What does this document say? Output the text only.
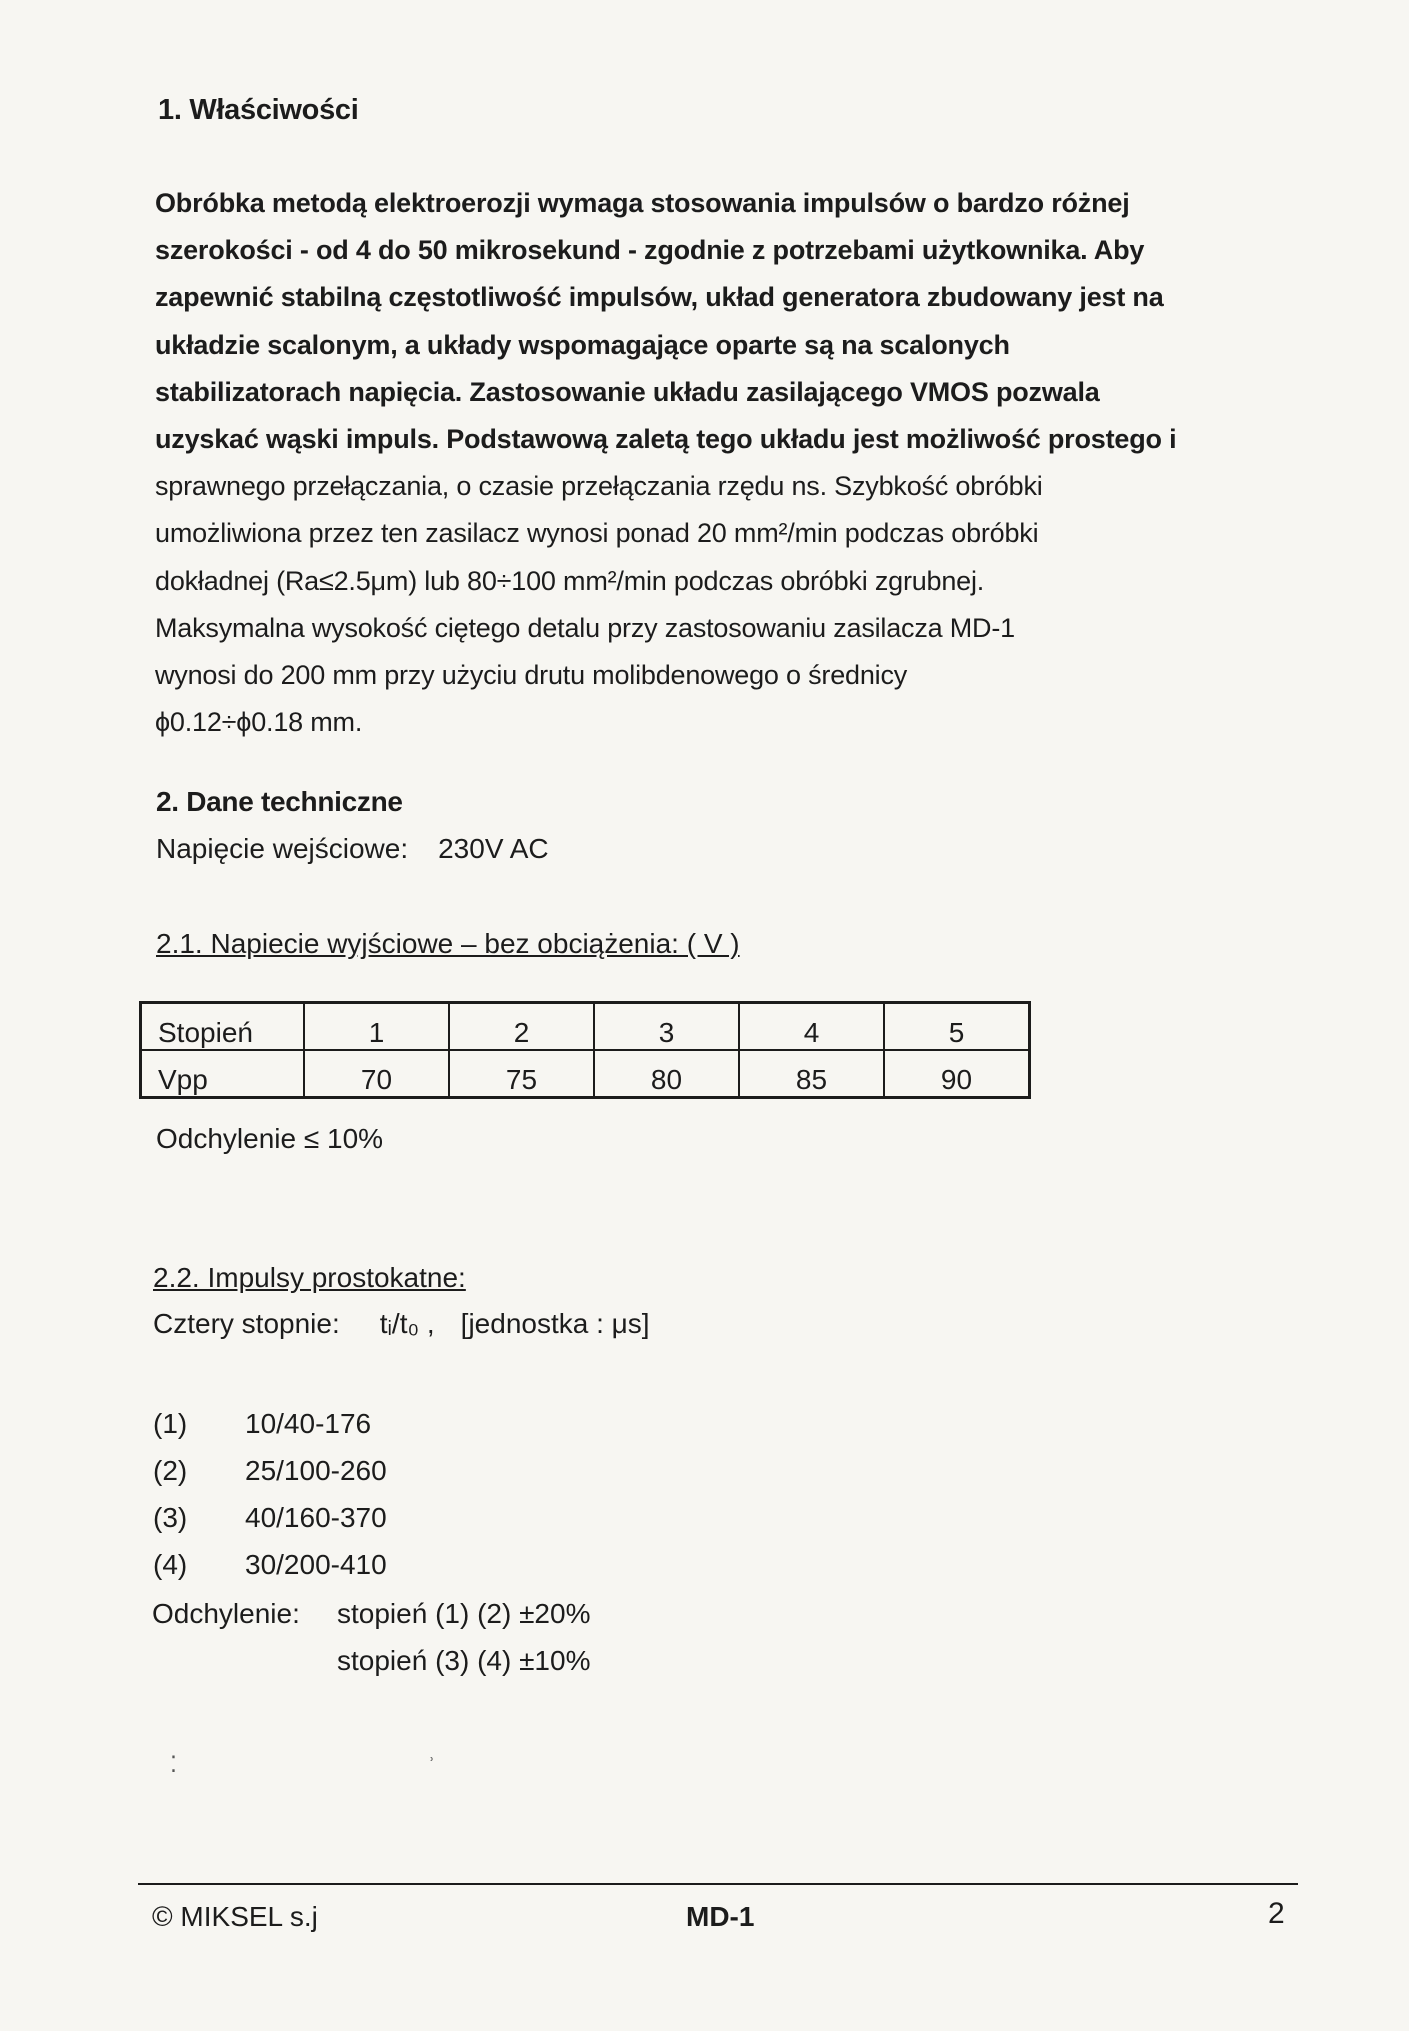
1. Właściwości
Obróbka metodą elektroerozji wymaga stosowania impulsów o bardzo różnej
szerokości - od 4 do 50 mikrosekund - zgodnie z potrzebami użytkownika. Aby
zapewnić stabilną częstotliwość impulsów, układ generatora zbudowany jest na
układzie scalonym, a układy wspomagające oparte są na scalonych
stabilizatorach napięcia. Zastosowanie układu zasilającego VMOS pozwala
uzyskać wąski impuls. Podstawową zaletą tego układu jest możliwość prostego i
sprawnego przełączania, o czasie przełączania rzędu ns. Szybkość obróbki
umożliwiona przez ten zasilacz wynosi ponad 20 mm²/min podczas obróbki
dokładnej (Ra≤2.5μm) lub 80÷100 mm²/min podczas obróbki zgrubnej.
Maksymalna wysokość ciętego detalu przy zastosowaniu zasilacza MD-1
wynosi do 200 mm przy użyciu drutu molibdenowego o średnicy
ϕ0.12÷ϕ0.18 mm.
2. Dane techniczne
Napięcie wejściowe: 230V AC
2.1. Napiecie wyjściowe – bez obciążenia: ( V )
Stopień	1	2	3	4	5
Vpp	70	75	80	85	90
Odchylenie ≤ 10%
2.2. Impulsy prostokatne:
Cztery stopnie: tᵢ/t₀ , [jednostka : μs]
(1) 10/40-176
(2) 25/100-260
(3) 40/160-370
(4) 30/200-410
Odchylenie: stopień (1) (2) ±20%
stopień (3) (4) ±10%
⁚	˒
© MIKSEL s.j	MD-1	2
